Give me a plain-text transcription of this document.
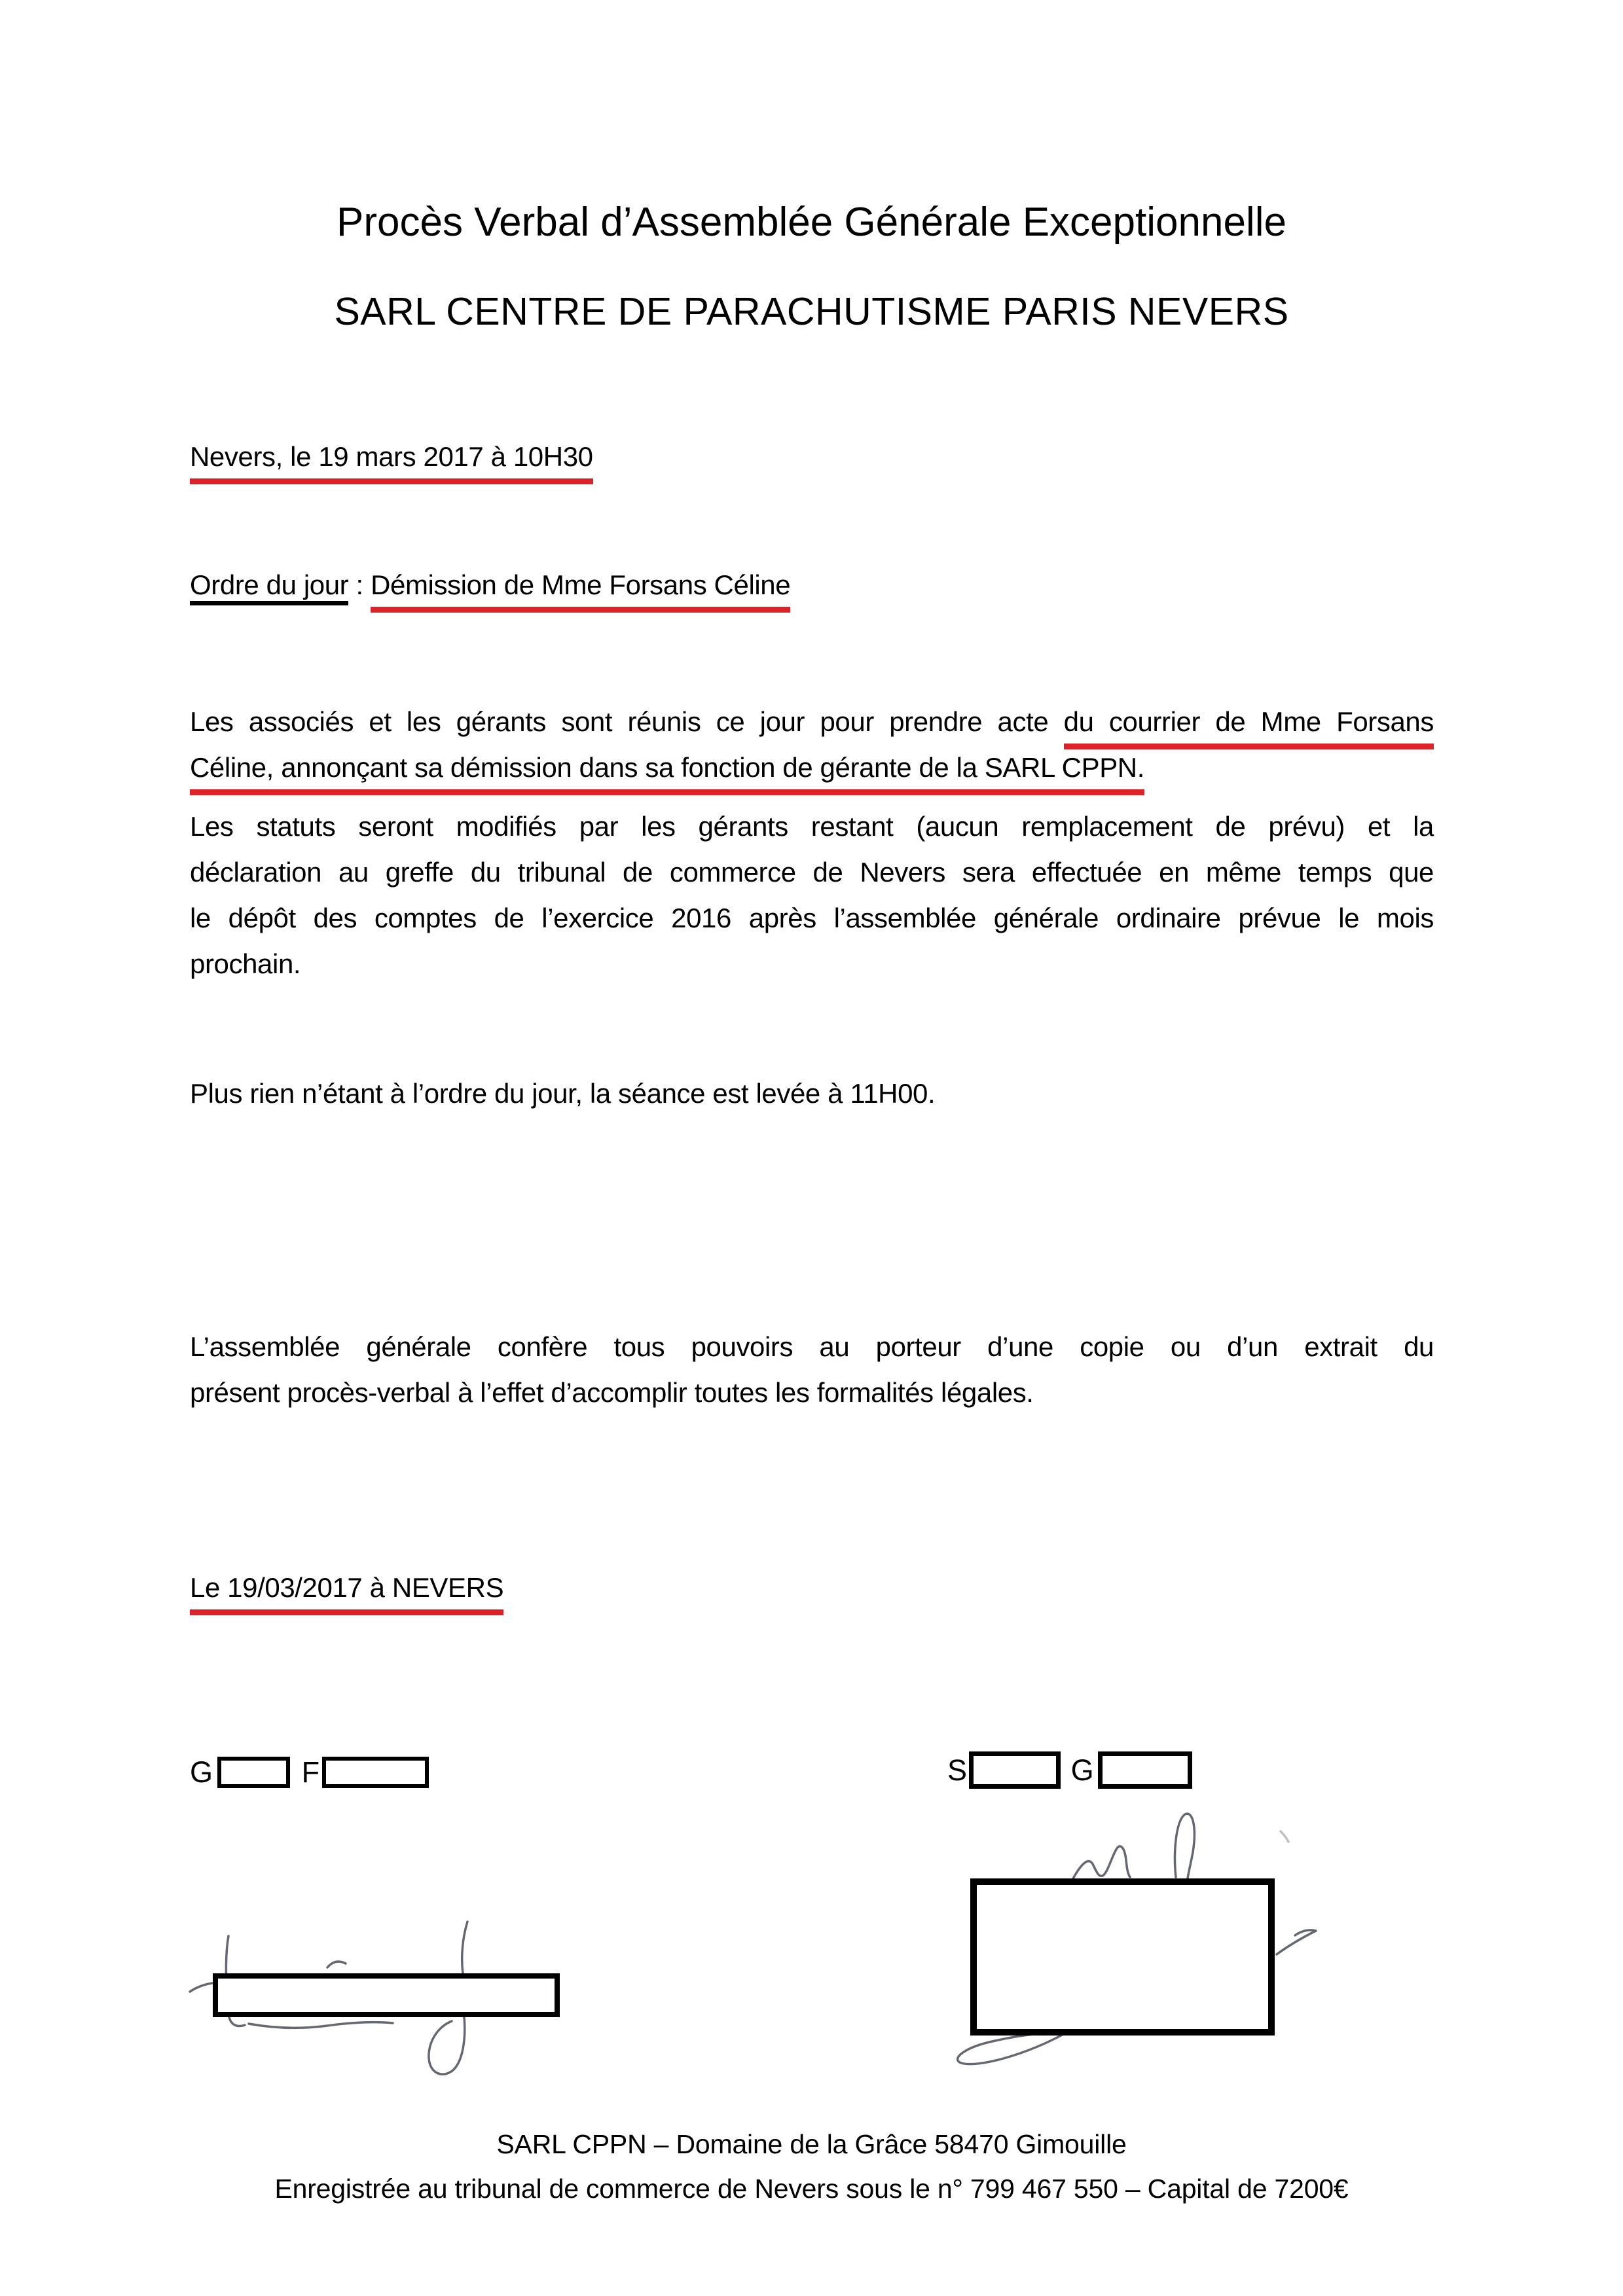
Procès Verbal d’Assemblée Générale Exceptionnelle
SARL CENTRE DE PARACHUTISME PARIS NEVERS
Nevers, le 19 mars 2017 à 10H30
Ordre du jour : Démission de Mme Forsans Céline
Les associés et les gérants sont réunis ce jour pour prendre acte du courrier de Mme Forsans
Céline, annonçant sa démission dans sa fonction de gérante de la SARL CPPN.
Les statuts seront modifiés par les gérants restant (aucun remplacement de prévu) et la
déclaration au greffe du tribunal de commerce de Nevers sera effectuée en même temps que
le dépôt des comptes de l’exercice 2016 après l’assemblée générale ordinaire prévue le mois
prochain.
Plus rien n’étant à l’ordre du jour, la séance est levée à 11H00.
L’assemblée générale confère tous pouvoirs au porteur d’une copie ou d’un extrait du
présent procès-verbal à l’effet d’accomplir toutes les formalités légales.
Le 19/03/2017 à NEVERS
G	F	S	G
SARL CPPN – Domaine de la Grâce 58470 Gimouille
Enregistrée au tribunal de commerce de Nevers sous le n° 799 467 550 – Capital de 7200€
